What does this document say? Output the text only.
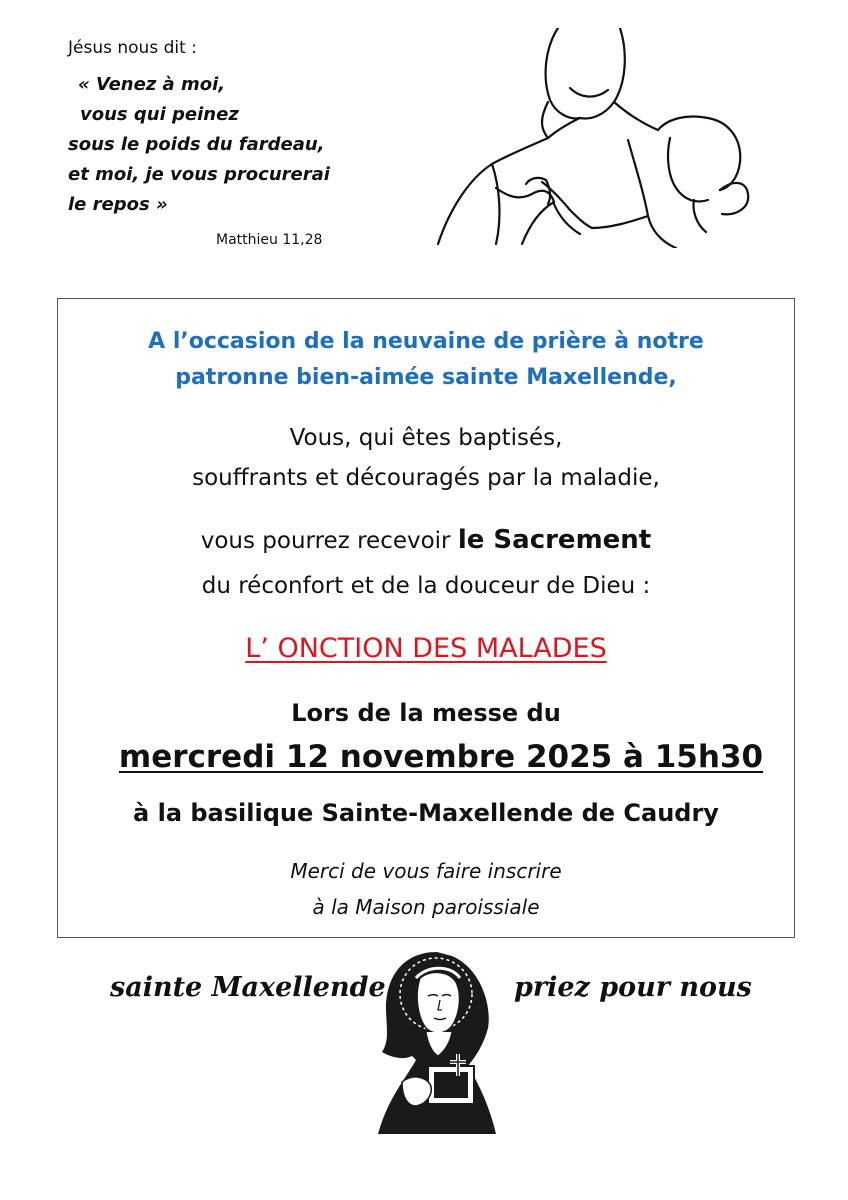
Jésus nous dit :
« Venez à moi,
vous qui peinez
sous le poids du fardeau,
et moi, je vous procurerai
le repos »
Matthieu 11,28
A l’occasion de la neuvaine de prière à notre
patronne bien-aimée sainte Maxellende,
Vous, qui êtes baptisés,
souffrants et découragés par la maladie,
vous pourrez recevoir le Sacrement
du réconfort et de la douceur de Dieu :
L’ ONCTION DES MALADES
Lors de la messe du
mercredi 12 novembre 2025 à 15h30
à la basilique Sainte-Maxellende de Caudry
Merci de vous faire inscrire
à la Maison paroissiale
sainte Maxellende	priez pour nous
